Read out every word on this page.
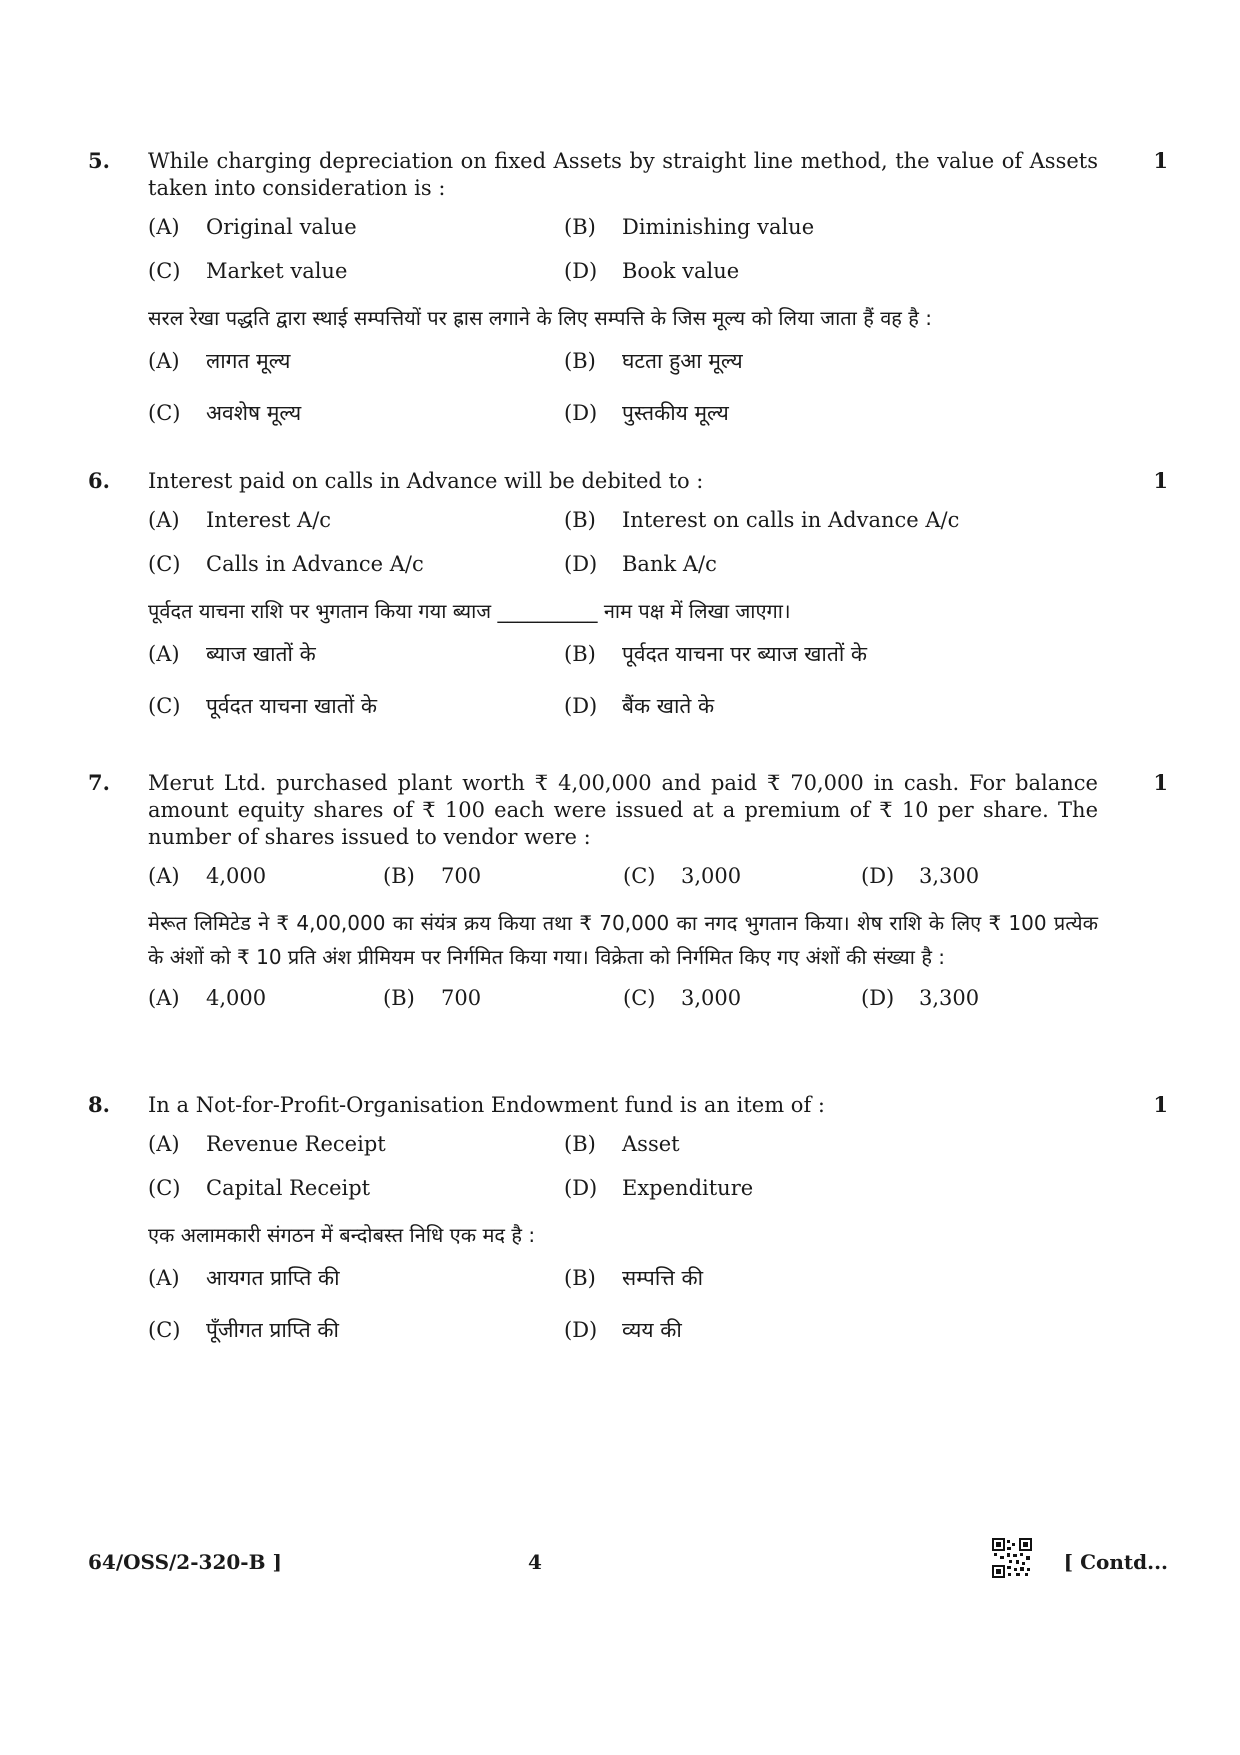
5. While charging depreciation on fixed Assets by straight line method, the value of Assets taken into consideration is :
1
(A) Original value	(B) Diminishing value
(C) Market value	(D) Book value
सरल रेखा पद्धति द्वारा स्थाई सम्पत्तियों पर ह्रास लगाने के लिए सम्पत्ति के जिस मूल्य को लिया जाता हैं वह है :
(A) लागत मूल्य	(B) घटता हुआ मूल्य
(C) अवशेष मूल्य	(D) पुस्तकीय मूल्य
6. Interest paid on calls in Advance will be debited to :	1
(A) Interest A/c	(B) Interest on calls in Advance A/c
(C) Calls in Advance A/c	(D) Bank A/c
पूर्वदत याचना राशि पर भुगतान किया गया ब्याज __________ नाम पक्ष में लिखा जाएगा।
(A) ब्याज खातों के	(B) पूर्वदत याचना पर ब्याज खातों के
(C) पूर्वदत याचना खातों के	(D) बैंक खाते के
7. Merut Ltd. purchased plant worth ₹ 4,00,000 and paid ₹ 70,000 in cash. For balance amount equity shares of ₹ 100 each were issued at a premium of ₹ 10 per share. The number of shares issued to vendor were :
1
(A) 4,000	(B) 700	(C) 3,000	(D) 3,300
मेरूत लिमिटेड ने ₹ 4,00,000 का संयंत्र क्रय किया तथा ₹ 70,000 का नगद भुगतान किया। शेष राशि के लिए ₹ 100 प्रत्येक के अंशों को ₹ 10 प्रति अंश प्रीमियम पर निर्गमित किया गया। विक्रेता को निर्गमित किए गए अंशों की संख्या है :
(A) 4,000	(B) 700	(C) 3,000	(D) 3,300
8. In a Not-for-Profit-Organisation Endowment fund is an item of :	1
(A) Revenue Receipt	(B) Asset
(C) Capital Receipt	(D) Expenditure
एक अलामकारी संगठन में बन्दोबस्त निधि एक मद है :
(A) आयगत प्राप्ति की	(B) सम्पत्ति की
(C) पूँजीगत प्राप्ति की	(D) व्यय की
64/OSS/2-320-B ]	4	[ Contd...
